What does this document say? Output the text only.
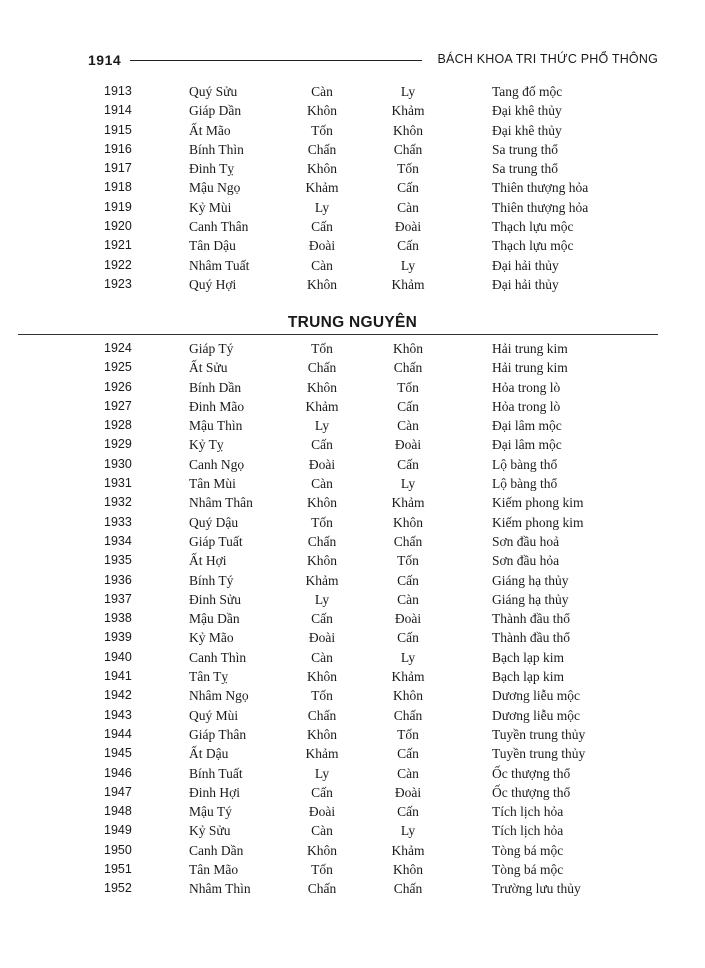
1914	BÁCH KHOA TRI THỨC PHỔ THÔNG
1913	Quý Sửu	Càn	Ly	Tang đố mộc
1914	Giáp Dần	Khôn	Khảm	Đại khê thủy
1915	Ất Mão	Tốn	Khôn	Đại khê thủy
1916	Bính Thìn	Chấn	Chấn	Sa trung thổ
1917	Đinh Tỵ	Khôn	Tốn	Sa trung thổ
1918	Mậu Ngọ	Khảm	Cấn	Thiên thượng hỏa
1919	Kỷ Mùi	Ly	Càn	Thiên thượng hỏa
1920	Canh Thân	Cấn	Đoài	Thạch lựu mộc
1921	Tân Dậu	Đoài	Cấn	Thạch lựu mộc
1922	Nhâm Tuất	Càn	Ly	Đại hải thủy
1923	Quý Hợi	Khôn	Khảm	Đại hải thủy
TRUNG NGUYÊN
1924	Giáp Tý	Tốn	Khôn	Hải trung kim
1925	Ất Sửu	Chấn	Chấn	Hải trung kim
1926	Bính Dần	Khôn	Tốn	Hỏa trong lò
1927	Đinh Mão	Khảm	Cấn	Hỏa trong lò
1928	Mậu Thìn	Ly	Càn	Đại lâm mộc
1929	Kỷ Tỵ	Cấn	Đoài	Đại lâm mộc
1930	Canh Ngọ	Đoài	Cấn	Lộ bàng thổ
1931	Tân Mùi	Càn	Ly	Lộ bàng thổ
1932	Nhâm Thân	Khôn	Khảm	Kiếm phong kim
1933	Quý Dậu	Tốn	Khôn	Kiếm phong kim
1934	Giáp Tuất	Chấn	Chấn	Sơn đầu hoả
1935	Ất Hợi	Khôn	Tốn	Sơn đầu hỏa
1936	Bính Tý	Khảm	Cấn	Giáng hạ thủy
1937	Đinh Sửu	Ly	Càn	Giáng hạ thủy
1938	Mậu Dần	Cấn	Đoài	Thành đầu thổ
1939	Kỷ Mão	Đoài	Cấn	Thành đầu thổ
1940	Canh Thìn	Càn	Ly	Bạch lạp kim
1941	Tân Tỵ	Khôn	Khảm	Bạch lạp kim
1942	Nhâm Ngọ	Tốn	Khôn	Dương liễu mộc
1943	Quý Mùi	Chấn	Chấn	Dương liễu mộc
1944	Giáp Thân	Khôn	Tốn	Tuyền trung thủy
1945	Ất Dậu	Khảm	Cấn	Tuyền trung thủy
1946	Bính Tuất	Ly	Càn	Ốc thượng thổ
1947	Đinh Hợi	Cấn	Đoài	Ốc thượng thổ
1948	Mậu Tý	Đoài	Cấn	Tích lịch hỏa
1949	Kỷ Sửu	Càn	Ly	Tích lịch hỏa
1950	Canh Dần	Khôn	Khảm	Tòng bá mộc
1951	Tân Mão	Tốn	Khôn	Tòng bá mộc
1952	Nhâm Thìn	Chấn	Chấn	Trường lưu thủy
